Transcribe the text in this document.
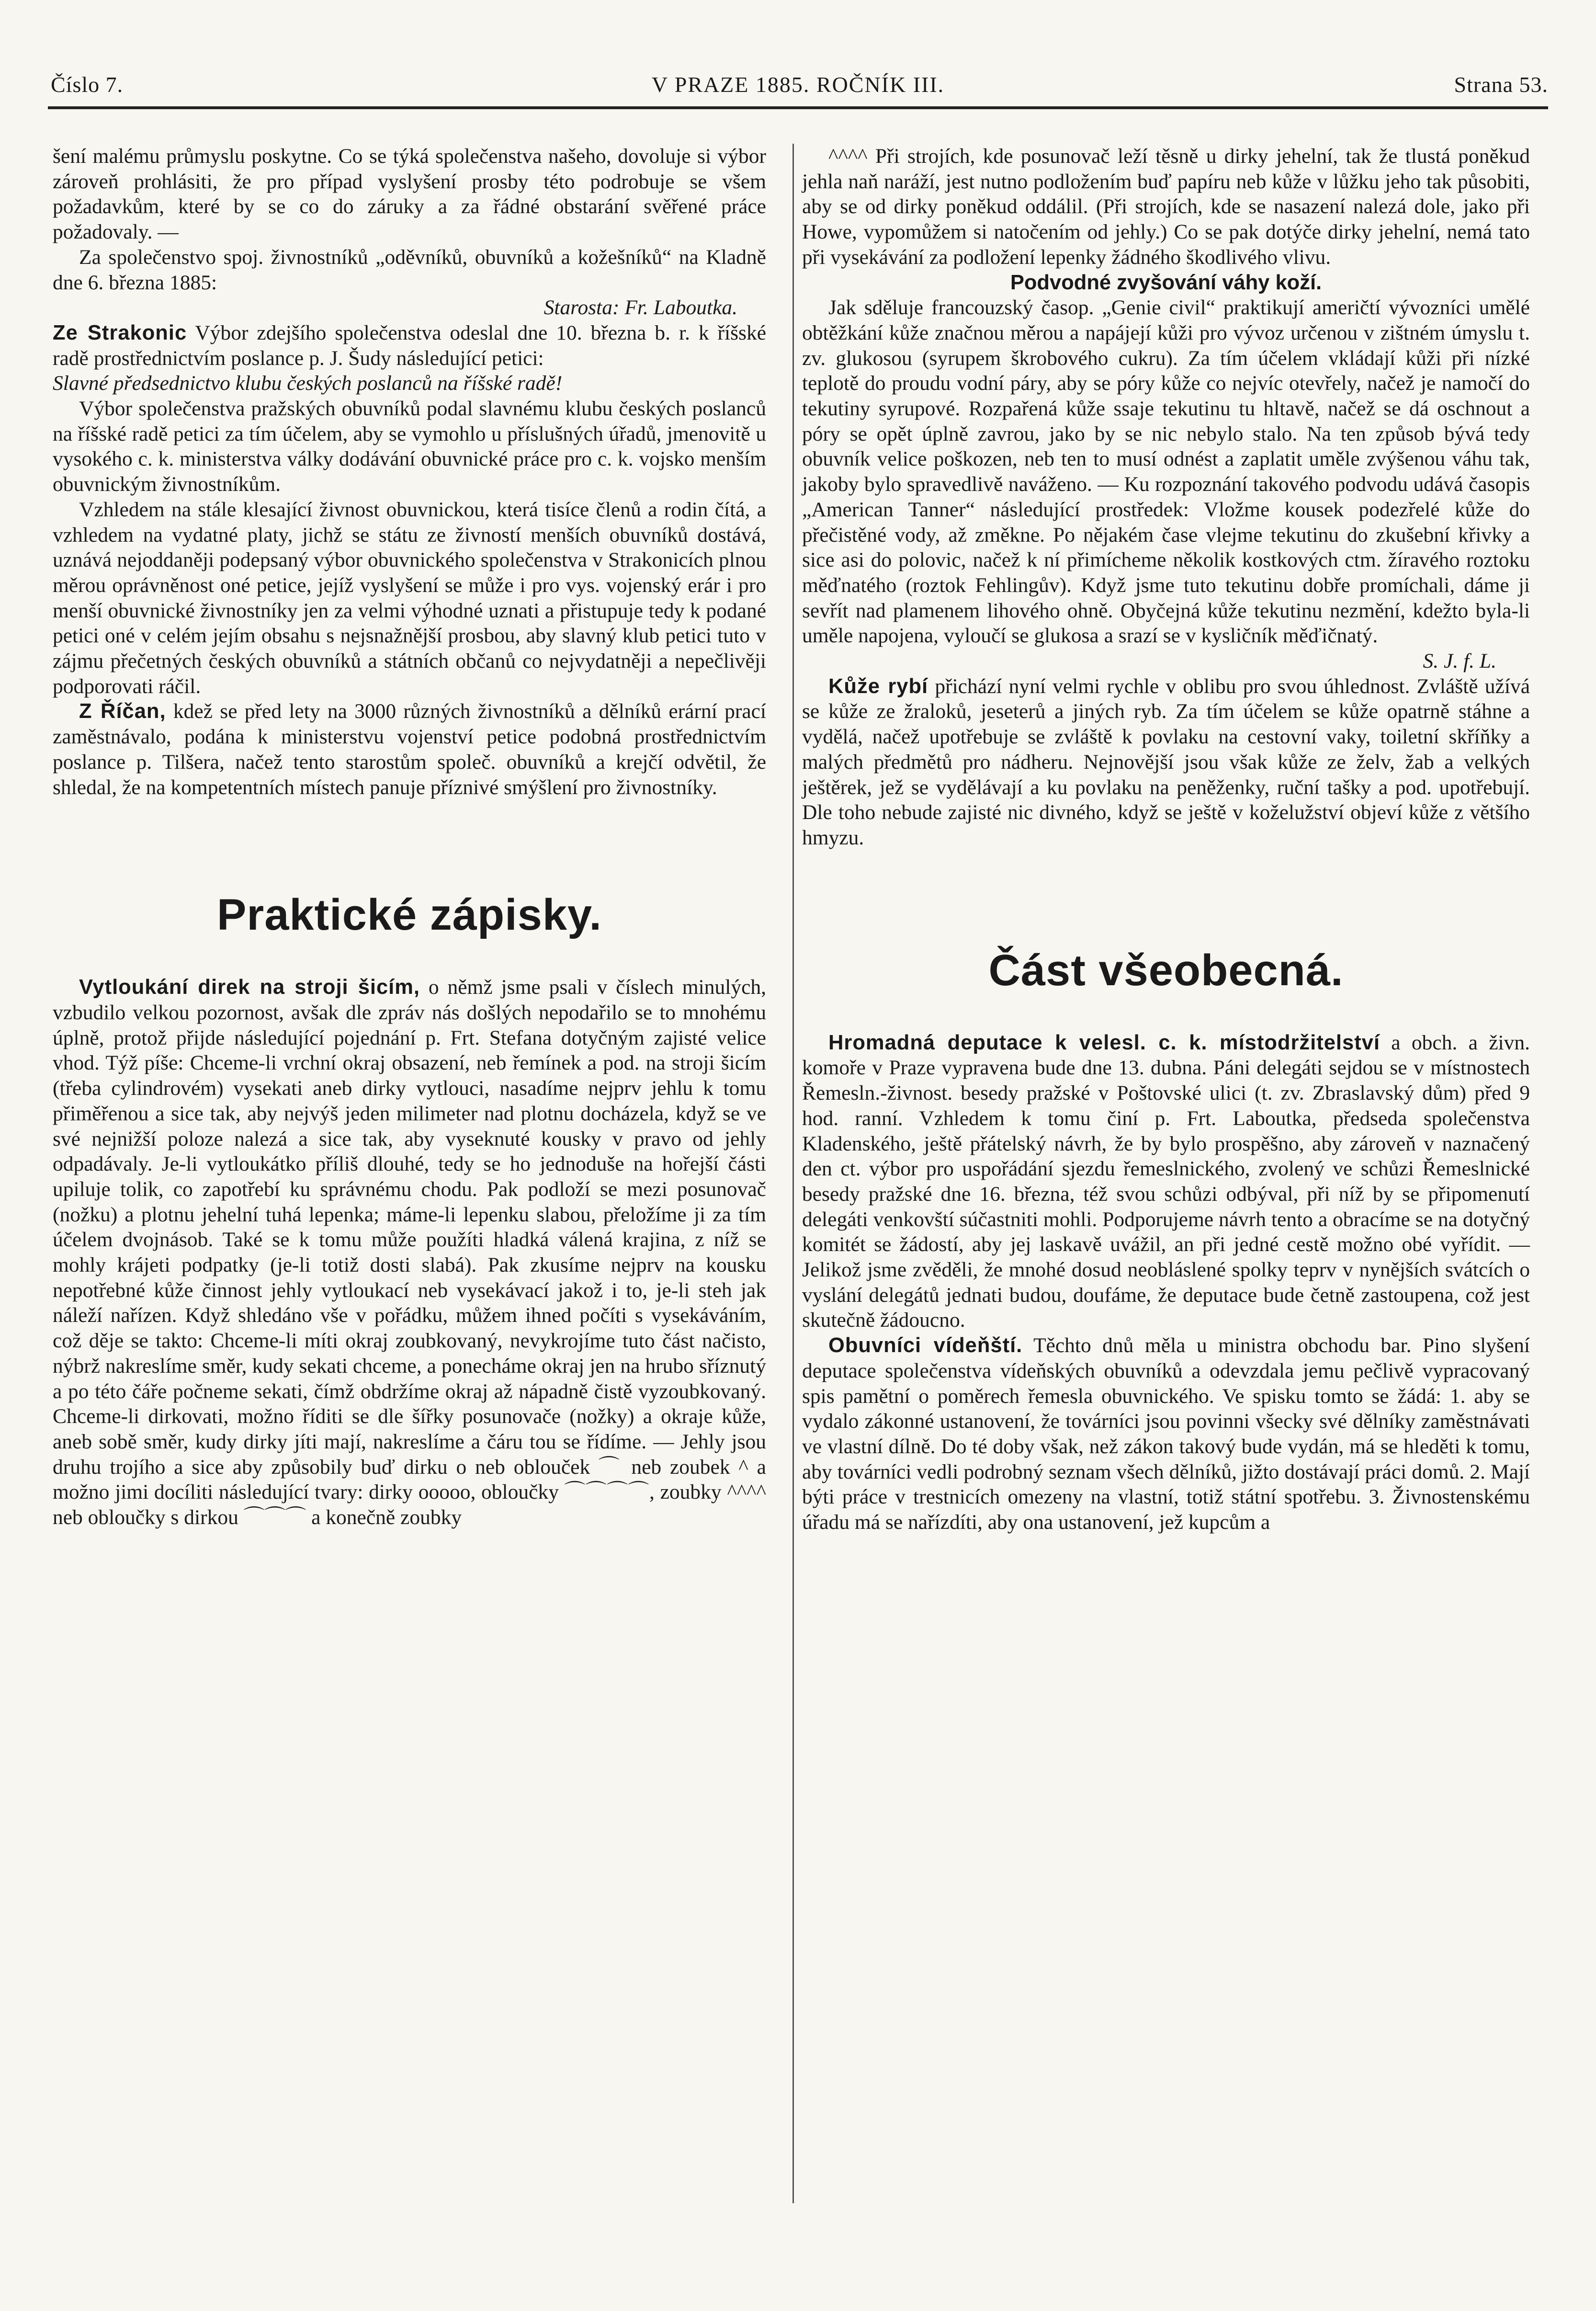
Číslo 7.	V PRAZE 1885. ROČNÍK III.	Strana 53.

šení malému průmyslu poskytne. Co se týká společenstva našeho, dovoluje si výbor zároveň prohlásiti, že pro případ vyslyšení prosby této podrobuje se všem požadavkům, které by se co do záruky a za řádné obstarání svěřené práce požadovaly. —

Za společenstvo spoj. živnostníků „oděvníků, obuvníků a kožešníků“ na Kladně dne 6. března 1885:

Starosta: Fr. Laboutka.

Ze Strakonic Výbor zdejšího společenstva odeslal dne 10. března b. r. k říšské radě prostřednictvím poslance p. J. Šudy následující petici:

Slavné předsednictvo klubu českých poslanců na říšské radě!

Výbor společenstva pražských obuvníků podal slavnému klubu českých poslanců na říšské radě petici za tím účelem, aby se vymohlo u příslušných úřadů, jmenovitě u vysokého c. k. ministerstva války dodávání obuvnické práce pro c. k. vojsko menším obuvnickým živnostníkům.

Vzhledem na stále klesající živnost obuvnickou, která tisíce členů a rodin čítá, a vzhledem na vydatné platy, jichž se státu ze živností menších obuvníků dostává, uznává nejoddaněji podepsaný výbor obuvnického společenstva v Strakonicích plnou měrou oprávněnost oné petice, jejíž vyslyšení se může i pro vys. vojenský erár i pro menší obuvnické živnostníky jen za velmi výhodné uznati a přistupuje tedy k podané petici oné v celém jejím obsahu s nejsnažnější prosbou, aby slavný klub petici tuto v zájmu přečetných českých obuvníků a státních občanů co nejvydatněji a nepečlivěji podporovati ráčil.

Z Říčan, kdež se před lety na 3000 různých živnostníků a dělníků erární prací zaměstnávalo, podána k ministerstvu vojenství petice podobná prostřednictvím poslance p. Tilšera, načež tento starostům společ. obuvníků a krejčí odvětil, že shledal, že na kompetentních místech panuje příznivé smýšlení pro živnostníky.

Praktické zápisky.

Vytloukání direk na stroji šicím, o němž jsme psali v číslech minulých, vzbudilo velkou pozornost, avšak dle zpráv nás došlých nepodařilo se to mnohému úplně, protož přijde následující pojednání p. Frt. Stefana dotyčným zajisté velice vhod. Týž píše: Chceme-li vrchní okraj obsazení, neb řemínek a pod. na stroji šicím (třeba cylindrovém) vysekati aneb dirky vytlouci, nasadíme nejprv jehlu k tomu přiměřenou a sice tak, aby nejvýš jeden milimeter nad plotnu docházela, když se ve své nejnižší poloze nalezá a sice tak, aby vyseknuté kousky v pravo od jehly odpadávaly. Je-li vytloukátko příliš dlouhé, tedy se ho jednoduše na hořejší části upiluje tolik, co zapotřebí ku správnému chodu. Pak podloží se mezi posunovač (nožku) a plotnu jehelní tuhá lepenka; máme-li lepenku slabou, přeložíme ji za tím účelem dvojnásob. Také se k tomu může použíti hladká válená krajina, z níž se mohly krájeti podpatky (je-li totiž dosti slabá). Pak zkusíme nejprv na kousku nepotřebné kůže činnost jehly vytloukací neb vysekávací jakož i to, je-li steh jak náleží nařízen. Když shledáno vše v pořádku, můžem ihned počíti s vysekáváním, což děje se takto: Chceme-li míti okraj zoubkovaný, nevykrojíme tuto část načisto, nýbrž nakreslíme směr, kudy sekati chceme, a ponecháme okraj jen na hrubo sříznutý a po této čáře počneme sekati, čímž obdržíme okraj až nápadně čistě vyzoubkovaný. Chceme-li dirkovati, možno říditi se dle šířky posunovače (nožky) a okraje kůže, aneb sobě směr, kudy dirky jíti mají, nakreslíme a čáru tou se řídíme. — Jehly jsou druhu trojího a sice aby způsobily buď dirku o neb oblouček ⌒ neb zoubek ^ a možno jimi docíliti následující tvary: dirky ooooo, obloučky ⌒⌒⌒⌒, zoubky ^^^^ neb obloučky s dirkou ⌒⌒⌒ a konečně zoubky

^^^^ Při strojích, kde posunovač leží těsně u dirky jehelní, tak že tlustá poněkud jehla naň naráží, jest nutno podložením buď papíru neb kůže v lůžku jeho tak působiti, aby se od dirky poněkud oddálil. (Při strojích, kde se nasazení nalezá dole, jako při Howe, vypomůžem si natočením od jehly.) Co se pak dotýče dirky jehelní, nemá tato při vysekávání za podložení lepenky žádného škodlivého vlivu.

Podvodné zvyšování váhy koží.

Jak sděluje francouzský časop. „Genie civil“ praktikují američtí vývozníci umělé obtěžkání kůže značnou měrou a napájejí kůži pro vývoz určenou v zištném úmyslu t. zv. glukosou (syrupem škrobového cukru). Za tím účelem vkládají kůži při nízké teplotě do proudu vodní páry, aby se póry kůže co nejvíc otevřely, načež je namočí do tekutiny syrupové. Rozpařená kůže ssaje tekutinu tu hltavě, načež se dá oschnout a póry se opět úplně zavrou, jako by se nic nebylo stalo. Na ten způsob bývá tedy obuvník velice poškozen, neb ten to musí odnést a zaplatit uměle zvýšenou váhu tak, jakoby bylo spravedlivě naváženo. — Ku rozpoznání takového podvodu udává časopis „American Tanner“ následující prostředek: Vložme kousek podezřelé kůže do přečistěné vody, až změkne. Po nějakém čase vlejme tekutinu do zkušební křivky a sice asi do polovic, načež k ní přimícheme několik kostkových ctm. žíravého roztoku měďnatého (roztok Fehlingův). Když jsme tuto tekutinu dobře promíchali, dáme ji sevřít nad plamenem lihového ohně. Obyčejná kůže tekutinu nezmění, kdežto byla-li uměle napojena, vyloučí se glukosa a srazí se v kysličník měďičnatý.

S. J. f. L.

Kůže rybí přichází nyní velmi rychle v oblibu pro svou úhlednost. Zvláště užívá se kůže ze žraloků, jeseterů a jiných ryb. Za tím účelem se kůže opatrně stáhne a vydělá, načež upotřebuje se zvláště k povlaku na cestovní vaky, toiletní skříňky a malých předmětů pro nádheru. Nejnovější jsou však kůže ze želv, žab a velkých ještěrek, jež se vydělávají a ku povlaku na peněženky, ruční tašky a pod. upotřebují. Dle toho nebude zajisté nic divného, když se ještě v koželužství objeví kůže z většího hmyzu.

Část všeobecná.

Hromadná deputace k velesl. c. k. místodržitelství a obch. a živn. komoře v Praze vypravena bude dne 13. dubna. Páni delegáti sejdou se v místnostech Řemesln.-živnost. besedy pražské v Poštovské ulici (t. zv. Zbraslavský dům) před 9 hod. ranní. Vzhledem k tomu činí p. Frt. Laboutka, předseda společenstva Kladenského, ještě přátelský návrh, že by bylo prospěšno, aby zároveň v naznačený den ct. výbor pro uspořádání sjezdu řemeslnického, zvolený ve schůzi Řemeslnické besedy pražské dne 16. března, též svou schůzi odbýval, při níž by se připomenutí delegáti venkovští súčastniti mohli. Podporujeme návrh tento a obracíme se na dotyčný komitét se žádostí, aby jej laskavě uvážil, an při jedné cestě možno obé vyřídit. — Jelikož jsme zvěděli, že mnohé dosud neobláslené spolky teprv v nynějších svátcích o vyslání delegátů jednati budou, doufáme, že deputace bude četně zastoupena, což jest skutečně žádoucno.

Obuvníci vídeňští. Těchto dnů měla u ministra obchodu bar. Pino slyšení deputace společenstva vídeňských obuvníků a odevzdala jemu pečlivě vypracovaný spis pamětní o poměrech řemesla obuvnického. Ve spisku tomto se žádá: 1. aby se vydalo zákonné ustanovení, že továrníci jsou povinni všecky své dělníky zaměstnávati ve vlastní dílně. Do té doby však, než zákon takový bude vydán, má se hleděti k tomu, aby továrníci vedli podrobný seznam všech dělníků, jižto dostávají práci domů. 2. Mají býti práce v trestnicích omezeny na vlastní, totiž státní spotřebu. 3. Živnostenskému úřadu má se nařízdíti, aby ona ustanovení, jež kupcům a
